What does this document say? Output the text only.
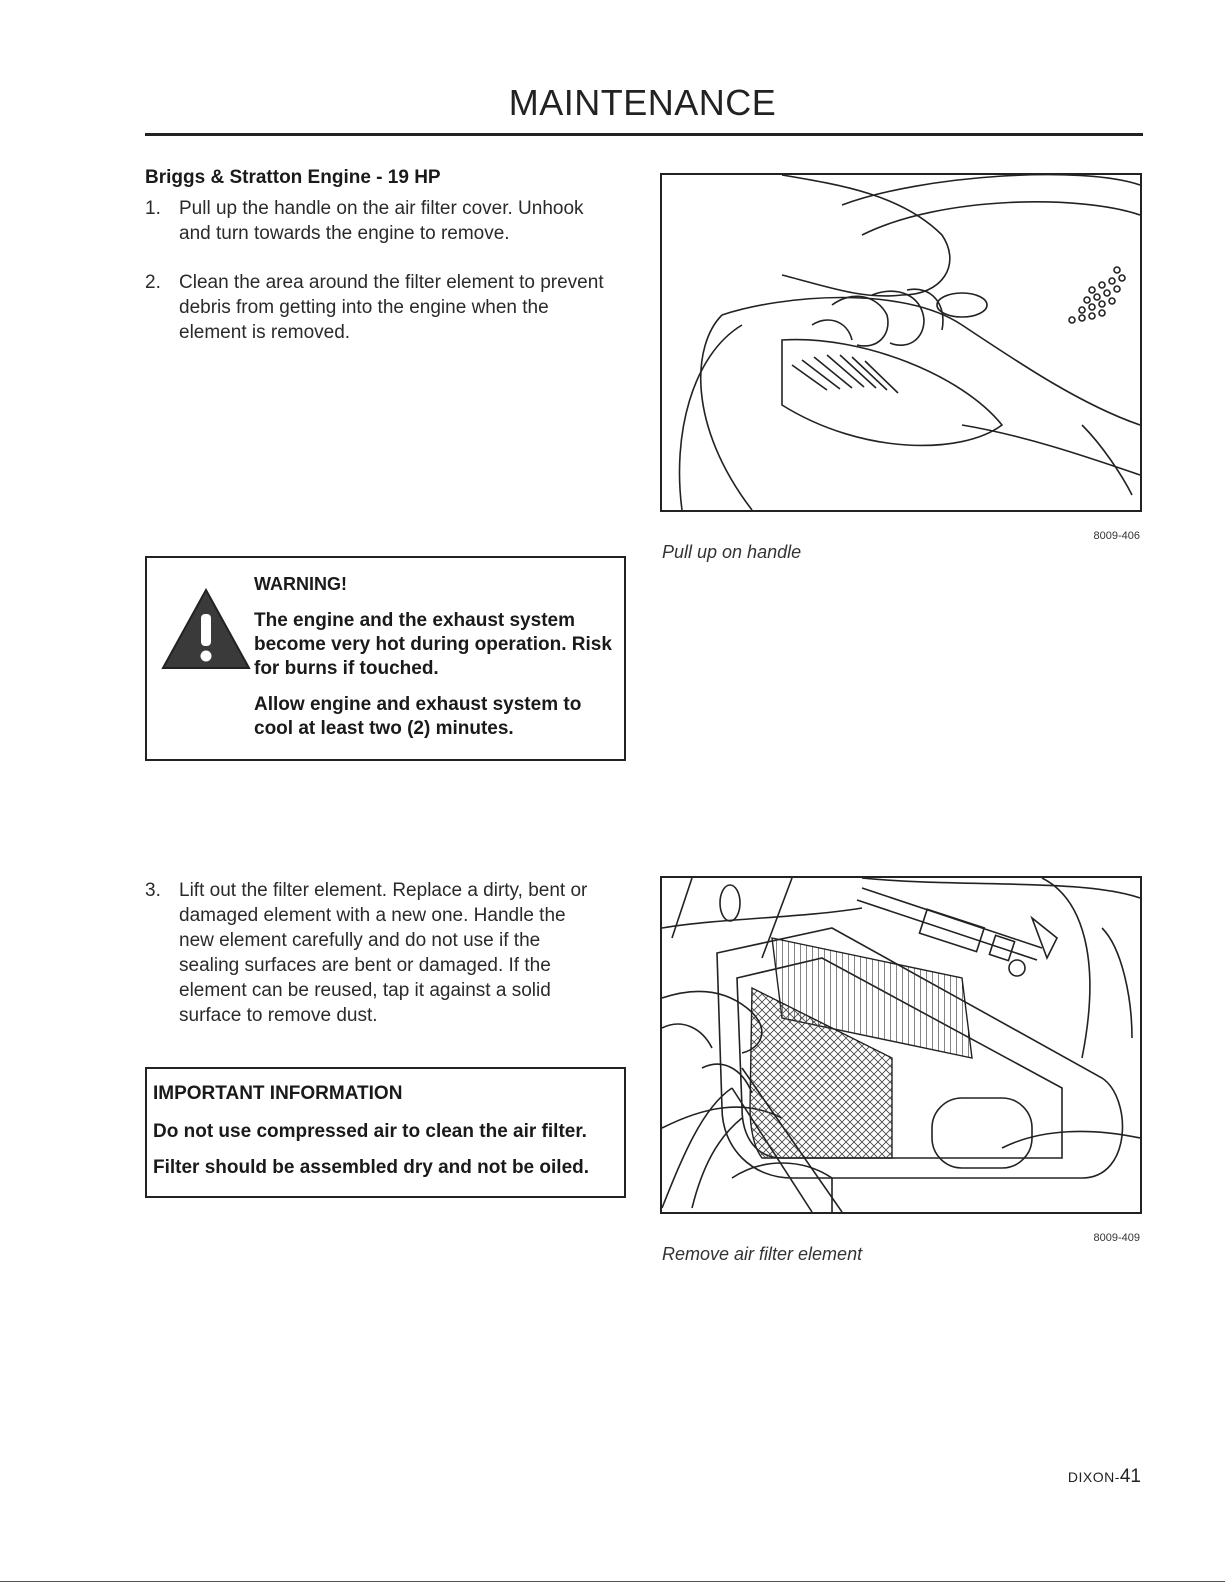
MAINTENANCE
Briggs & Stratton Engine - 19 HP
1. Pull up the handle on the air filter cover. Unhook and turn towards the engine to remove.
2. Clean the area around the filter element to prevent debris from getting into the engine when the element is removed.
8009-406
Pull up on handle
WARNING!
The engine and the exhaust system become very hot during operation. Risk for burns if touched.
Allow engine and exhaust system to cool at least two (2) minutes.
3. Lift out the filter element. Replace a dirty, bent or damaged element with a new one. Handle the new element carefully and do not use if the sealing surfaces are bent or damaged. If the element can be reused, tap it against a solid surface to remove dust.
IMPORTANT INFORMATION
Do not use compressed air to clean the air filter.
Filter should be assembled dry and not be oiled.
8009-409
Remove air filter element
DIXON-41
